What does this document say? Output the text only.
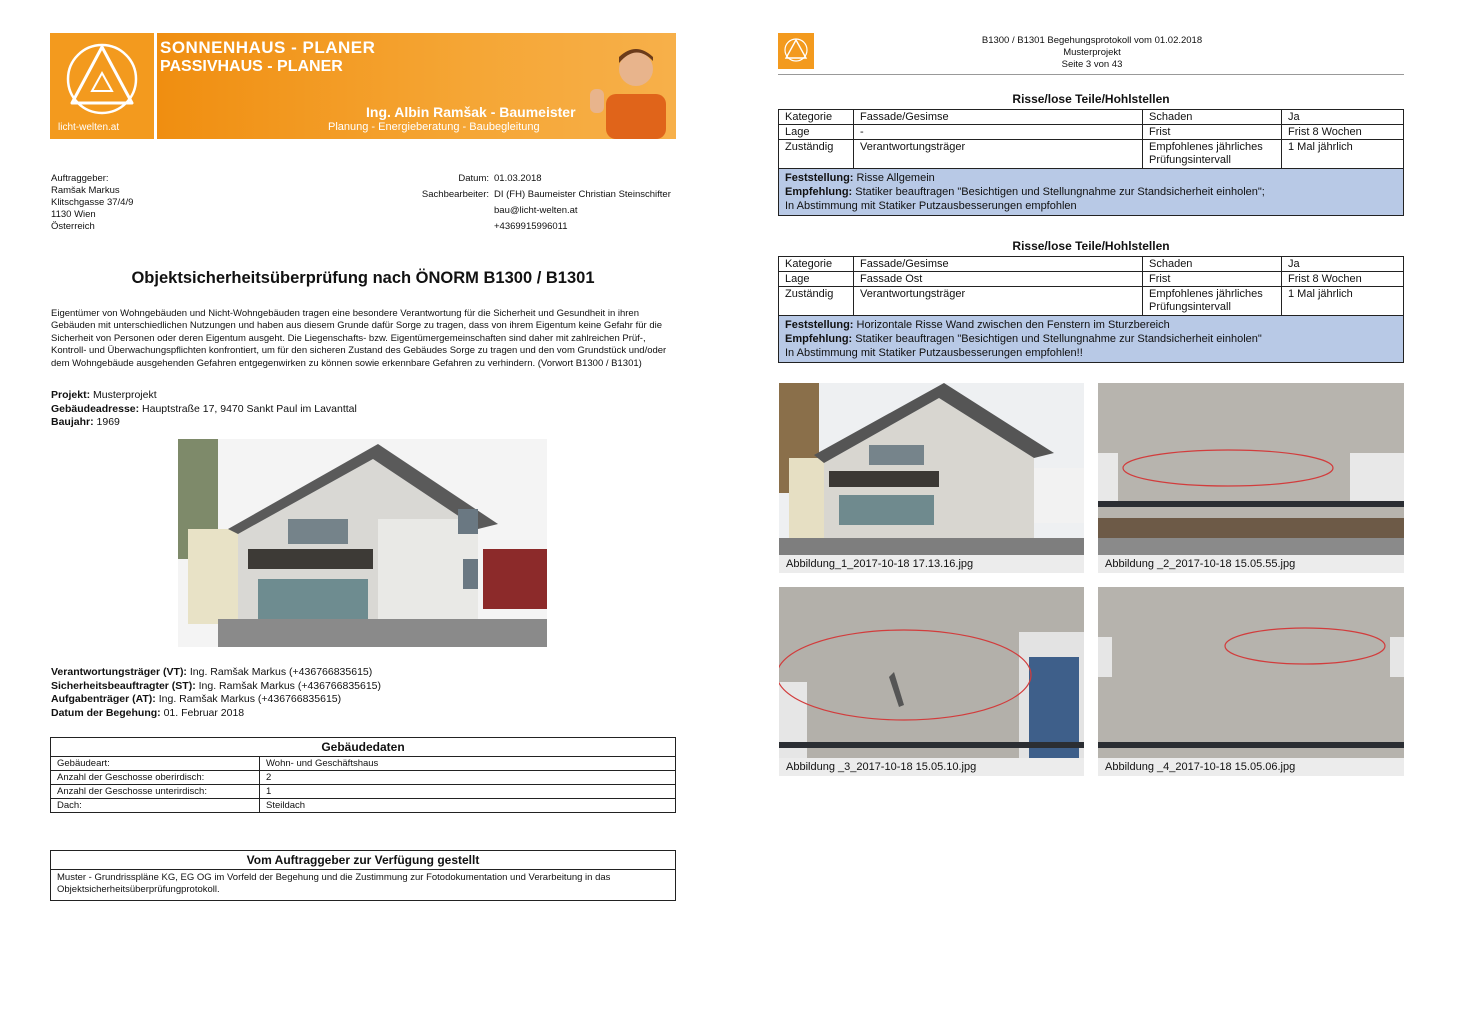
licht-welten.at
SONNENHAUS - PLANER
PASSIVHAUS - PLANER
Ing. Albin Ramšak - Baumeister
Planung - Energieberatung - Baubegleitung
Auftraggeber:
Ramšak Markus
Klitschgasse 37/4/9
1130 Wien
Österreich
Datum: 01.03.2018
Sachbearbeiter: DI (FH) Baumeister Christian Steinschifter
bau@licht-welten.at
+4369915996011
Objektsicherheitsüberprüfung nach ÖNORM B1300 / B1301
Eigentümer von Wohngebäuden und Nicht-Wohngebäuden tragen eine besondere Verantwortung für die Sicherheit und Gesundheit in ihren Gebäuden mit unterschiedlichen Nutzungen und haben aus diesem Grunde dafür Sorge zu tragen, dass von ihrem Eigentum keine Gefahr für die Sicherheit von Personen oder deren Eigentum ausgeht. Die Liegenschafts- bzw. Eigentümergemeinschaften sind daher mit zahlreichen Prüf-, Kontroll- und Überwachungspflichten konfrontiert, um für den sicheren Zustand des Gebäudes Sorge zu tragen und den vom Grundstück und/oder dem Wohngebäude ausgehenden Gefahren entgegenwirken zu können sowie erkennbare Gefahren zu verhindern. (Vorwort B1300 / B1301)
Projekt: Musterprojekt
Gebäudeadresse: Hauptstraße 17, 9470 Sankt Paul im Lavanttal
Baujahr: 1969
Verantwortungsträger (VT): Ing. Ramšak Markus (+436766835615)
Sicherheitsbeauftragter (ST): Ing. Ramšak Markus (+436766835615)
Aufgabenträger (AT): Ing. Ramšak Markus (+436766835615)
Datum der Begehung: 01. Februar 2018
Gebäudedaten	
Gebäudeart:	Wohn- und Geschäftshaus
Anzahl der Geschosse oberirdisch:	2
Anzahl der Geschosse unterirdisch:	1
Dach:	Steildach
Vom Auftraggeber zur Verfügung gestellt
Muster - Grundrisspläne KG, EG OG im Vorfeld der Begehung und die Zustimmung zur Fotodokumentation und Verarbeitung in das Objektsicherheitsüberprüfungprotokoll.
B1300 / B1301 Begehungsprotokoll vom 01.02.2018
Musterprojekt
Seite 3 von 43
Risse/lose Teile/Hohlstellen
Kategorie	Fassade/Gesimse	Schaden	Ja
Lage	-	Frist	Frist 8 Wochen
Zuständig	Verantwortungsträger	Empfohlenes jährliches Prüfungsintervall	1 Mal jährlich

Feststellung: Risse Allgemein
Empfehlung: Statiker beauftragen "Besichtigen und Stellungnahme zur Standsicherheit einholen";
In Abstimmung mit Statiker Putzausbesserungen empfohlen			
Risse/lose Teile/Hohlstellen
Kategorie	Fassade/Gesimse	Schaden	Ja
Lage	Fassade Ost	Frist	Frist 8 Wochen
Zuständig	Verantwortungsträger	Empfohlenes jährliches Prüfungsintervall	1 Mal jährlich

Feststellung: Horizontale Risse Wand zwischen den Fenstern im Sturzbereich
Empfehlung: Statiker beauftragen "Besichtigen und Stellungnahme zur Standsicherheit einholen"
In Abstimmung mit Statiker Putzausbesserungen empfohlen!!			
Abbildung_1_2017-10-18 17.13.16.jpg	Abbildung _2_2017-10-18 15.05.55.jpg
Abbildung _3_2017-10-18 15.05.10.jpg	Abbildung _4_2017-10-18 15.05.06.jpg
